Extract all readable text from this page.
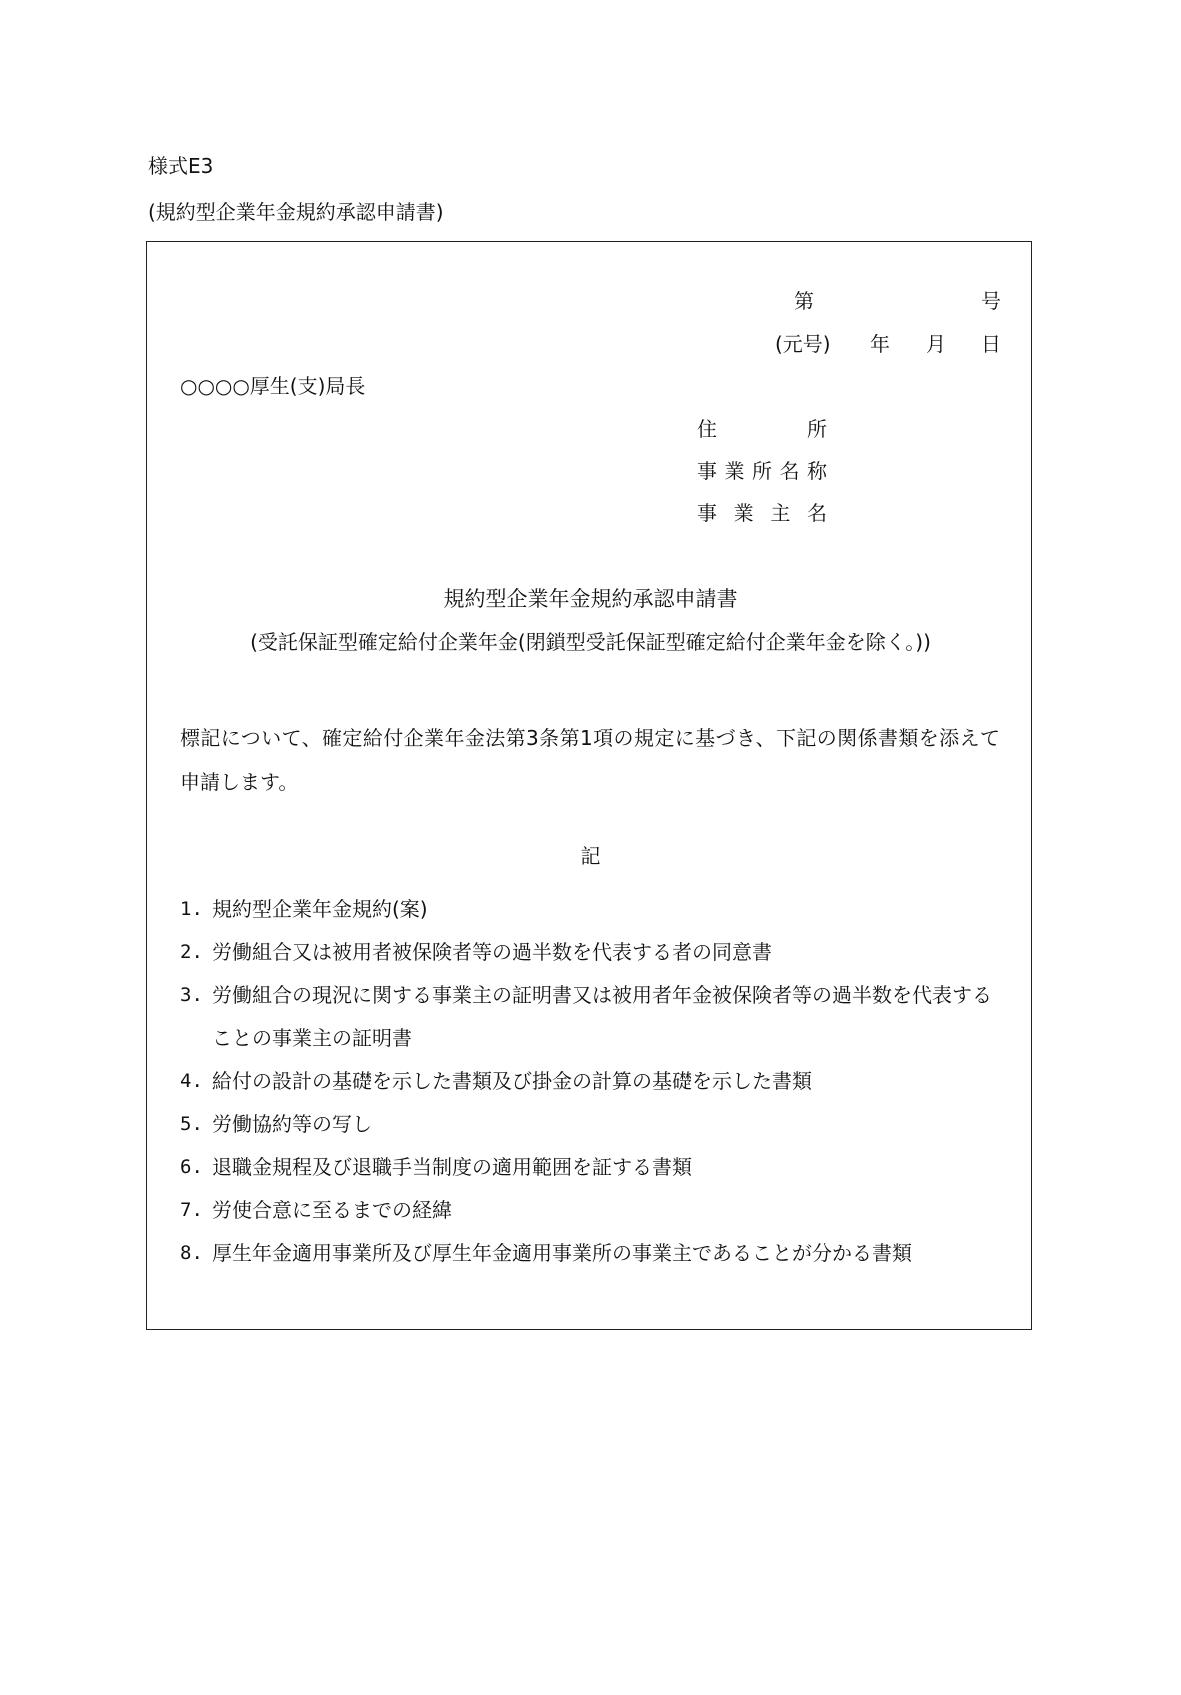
様式E3
(規約型企業年金規約承認申請書)
第	号
(元号) 年 月 日
○○○○厚生(支)局長
住所
事業所名称
事業主名
規約型企業年金規約承認申請書
(受託保証型確定給付企業年金(閉鎖型受託保証型確定給付企業年金を除く。))
標記について、確定給付企業年金法第3条第1項の規定に基づき、下記の関係書類を添えて申請します。
記
1. 規約型企業年金規約(案)
2. 労働組合又は被用者被保険者等の過半数を代表する者の同意書
3. 労働組合の現況に関する事業主の証明書又は被用者年金被保険者等の過半数を代表することの事業主の証明書
4. 給付の設計の基礎を示した書類及び掛金の計算の基礎を示した書類
5. 労働協約等の写し
6. 退職金規程及び退職手当制度の適用範囲を証する書類
7. 労使合意に至るまでの経緯
8. 厚生年金適用事業所及び厚生年金適用事業所の事業主であることが分かる書類
